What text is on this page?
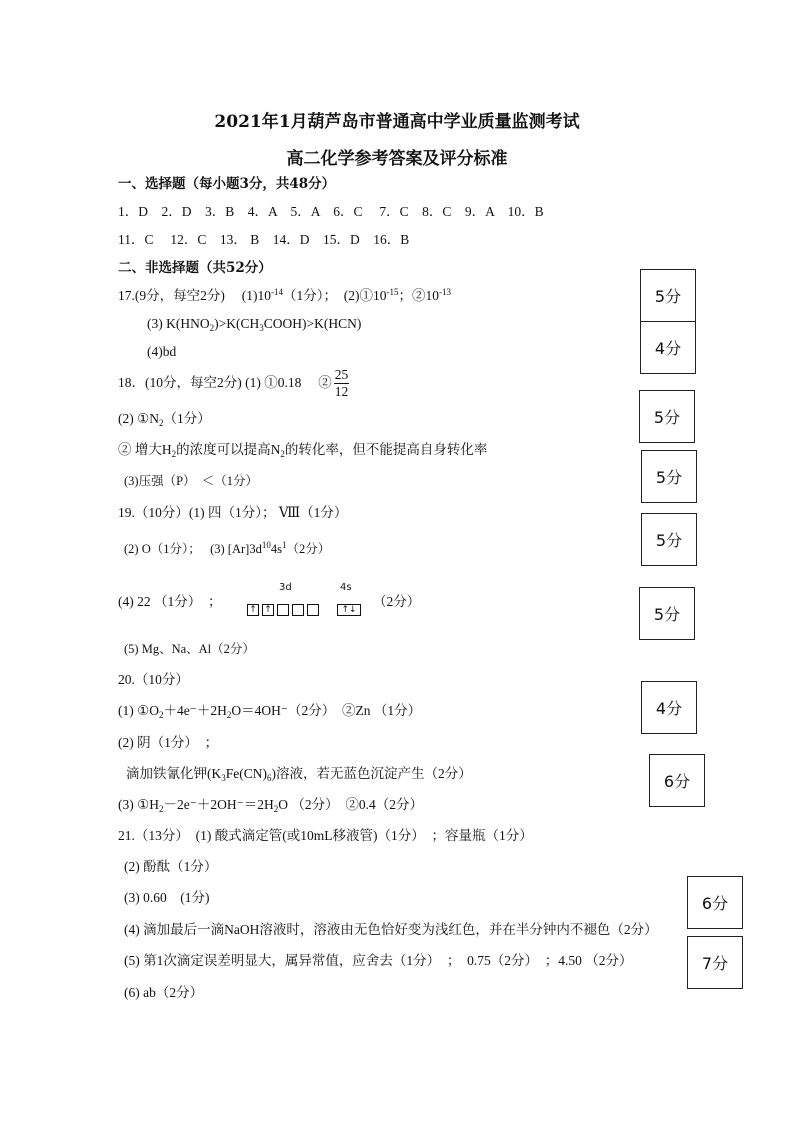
2021年1月葫芦岛市普通高中学业质量监测考试
高二化学参考答案及评分标准
一、选择题（每小题3分，共48分）
1．D　2．D　3．B　4．A　5．A　6．C　 7．C　8．C　9．A　10．B
11．C　 12．C　13． B　14．D　15．D　16．B
二、非选择题（共52分）
17.(9分，每空2分)　 $(1)10^{-14}(1$分）；　$(2)①10^{-15}$；$②10^{-13}$
(3) $K(HNO_2)>K(CH_3COOH)>K(HCN)$
(4)bd
18．(10分，每空2分) (1) ①0.18　 ② $\frac{25}{12}$
(2) $①N_2(1$分）
② 增大$H_2$的浓度可以提高$N_2$的转化率，但不能提高自身转化率
(3)压强（P）　＜（1分）
19.（10分）(1) 四（1分）； Ⅷ（1分）
(2) O（1分）；　 (3) $[Ar]3d^{10}4s^1(2$分）
(4) 22 （1分）　；
3d	4s
↑ ↑	↑↓
（2分）
(5) Mg、Na、Al（2分）
20.（10分）
(1) $①O_2+4e^-+2H_2O=4OH^-(2$分）　②Zn （1分）
(2) 阴（1分）　；
滴加铁氰化钾$(K_3Fe(CN)_6)$溶液，若无蓝色沉淀产生（2分）
(3) $①H_2-2e^-+2OH^-=2H_2O$ （2分）　②0.4（2分）
21.（13分）　(1) 酸式滴定管(或10mL移液管)（1分）　；容量瓶（1分）
(2) 酚酞（1分）
(3) 0.60　(1分)
(4) 滴加最后一滴NaOH溶液时，溶液由无色恰好变为浅红色，并在半分钟内不褪色（2分）
(5) 第1次滴定误差明显大，属异常值，应舍去（1分）　；　0.75（2分）　；4.50 （2分）
(6) ab（2分）
5分
4分
5分
5分
5分
5分
4分
6分
6分
7分
